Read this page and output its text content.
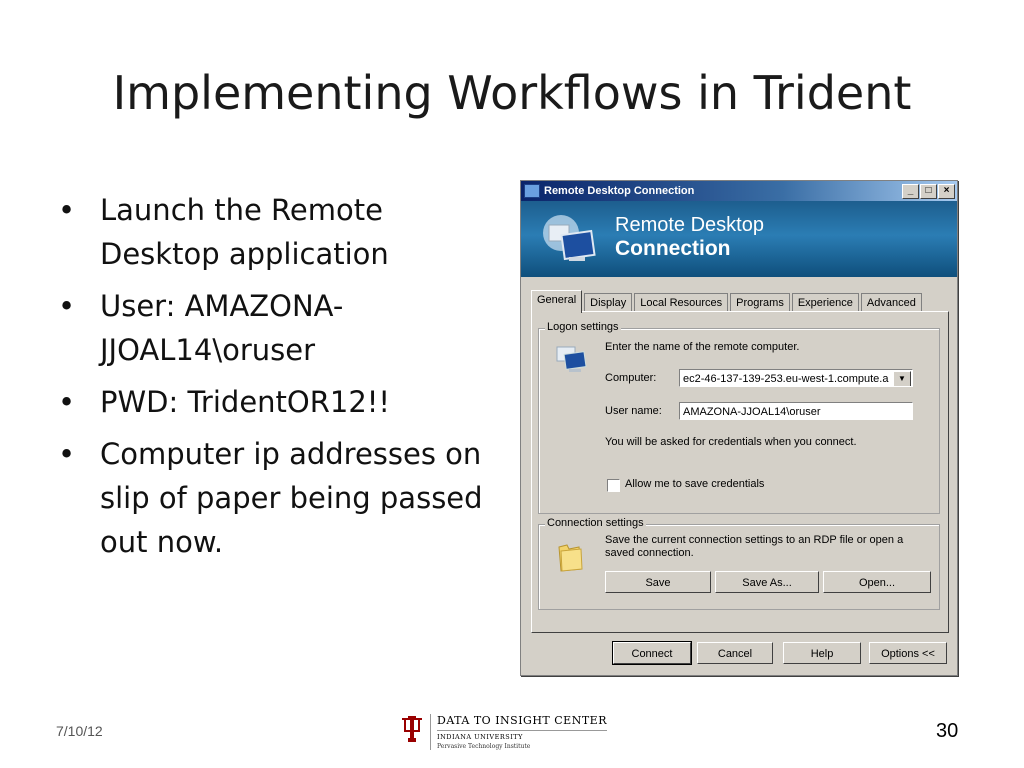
Implementing Workflows in Trident
• Launch the Remote Desktop application
• User: AMAZONA-JJOAL14\oruser
• PWD: TridentOR12!!
• Computer ip addresses on slip of paper being passed out now.
Remote Desktop Connection	_	□	×
Remote Desktop
Connection
General	Display	Local Resources	Programs	Experience	Advanced
Logon settings
Enter the name of the remote computer.
Computer:	ec2-46-137-139-253.eu-west-1.compute.a	▼
User name:	AMAZONA-JJOAL14\oruser
You will be asked for credentials when you connect.
Allow me to save credentials
Connection settings
Save the current connection settings to an RDP file or open a
saved connection.
Save	Save As...	Open...
Connect	Cancel	Help	Options <<
7/10/12
DATA TO INSIGHT CENTER
INDIANA UNIVERSITY
Pervasive Technology Institute
30
